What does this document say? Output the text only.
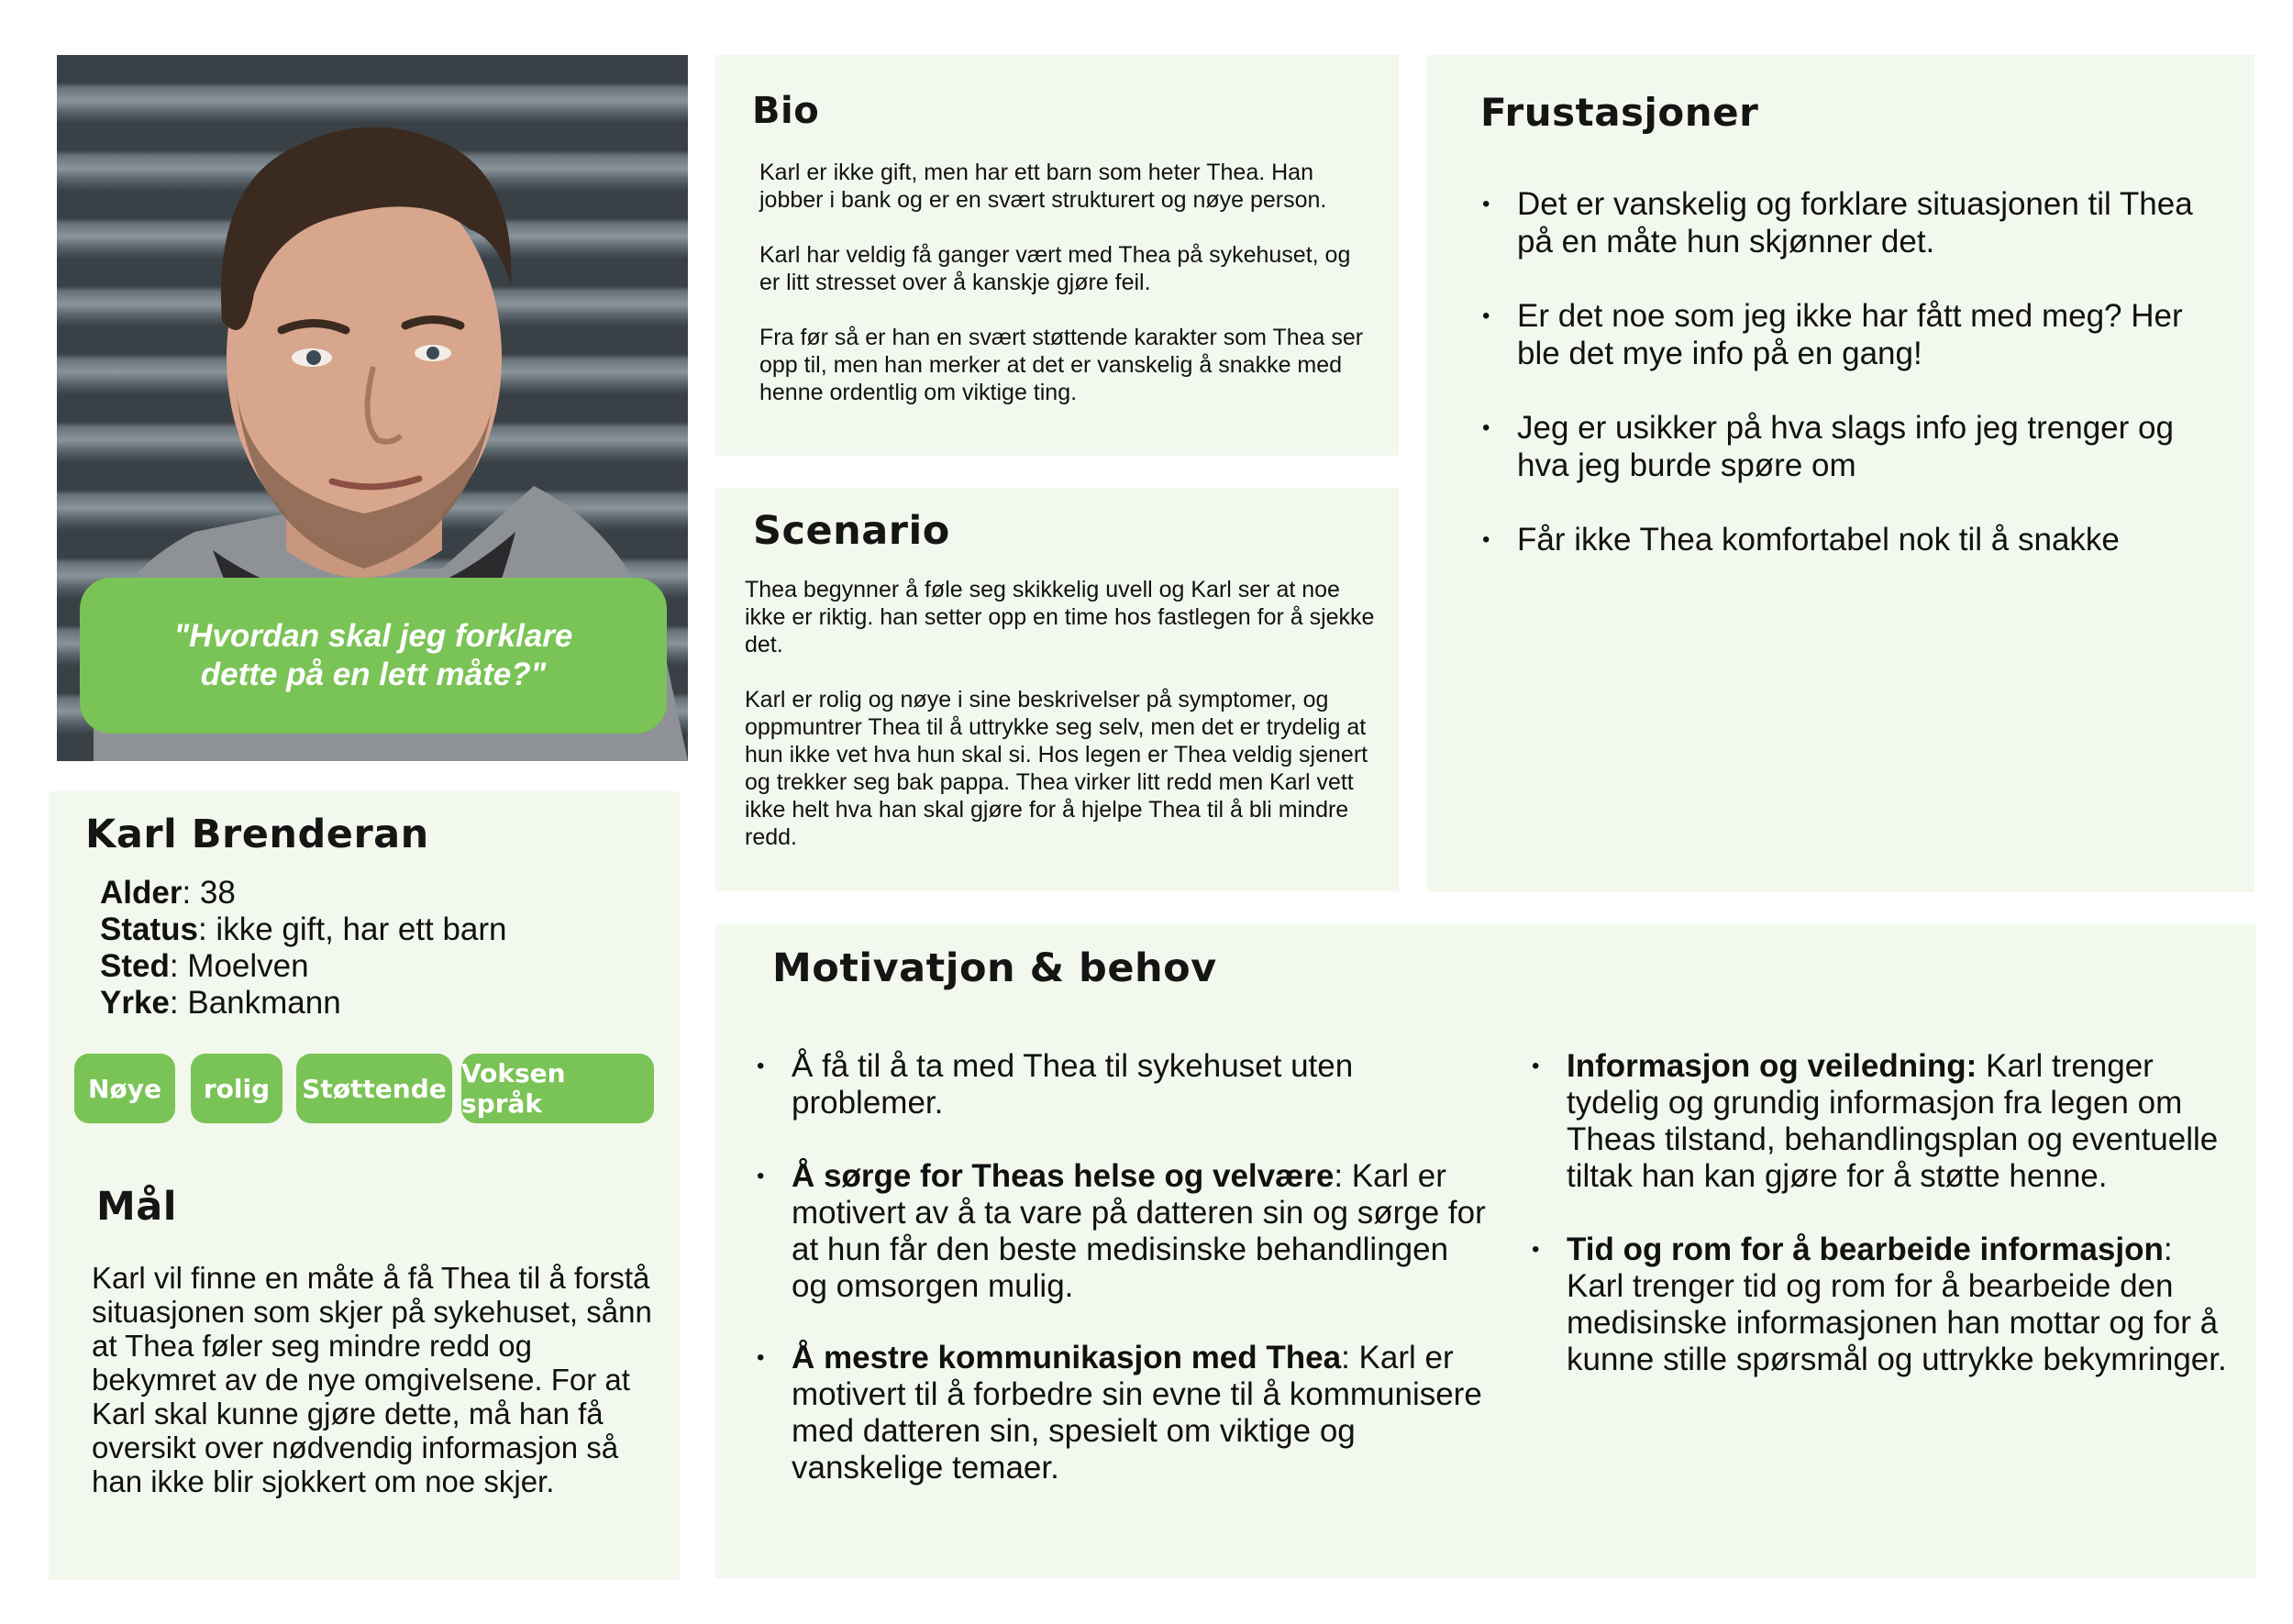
"Hvordan skal jeg forklare dette på en lett måte?"
Karl Brenderan
Alder: 38
Status: ikke gift, har ett barn
Sted: Moelven
Yrke: Bankmann
Nøye	rolig	Støttende Voksen språk
Mål

Karl vil finne en måte å få Thea til å forstå situasjonen som skjer på sykehuset, sånn at Thea føler seg mindre redd og bekymret av de nye omgivelsene. For at Karl skal kunne gjøre dette, må han få oversikt over nødvendig informasjon så han ikke blir sjokkert om noe skjer.

Bio

Karl er ikke gift, men har ett barn som heter Thea. Han jobber i bank og er en svært strukturert og nøye person.

Karl har veldig få ganger vært med Thea på sykehuset, og er litt stresset over å kanskje gjøre feil.

Fra før så er han en svært støttende karakter som Thea ser opp til, men han merker at det er vanskelig å snakke med henne ordentlig om viktige ting.

Scenario

Thea begynner å føle seg skikkelig uvell og Karl ser at noe ikke er riktig. han setter opp en time hos fastlegen for å sjekke det.

Karl er rolig og nøye i sine beskrivelser på symptomer, og oppmuntrer Thea til å uttrykke seg selv, men det er trydelig at hun ikke vet hva hun skal si. Hos legen er Thea veldig sjenert og trekker seg bak pappa. Thea virker litt redd men Karl vett ikke helt hva han skal gjøre for å hjelpe Thea til å bli mindre redd.

Frustasjoner
• Det er vanskelig og forklare situasjonen til Thea på en måte hun skjønner det.
• Er det noe som jeg ikke har fått med meg? Her ble det mye info på en gang!
• Jeg er usikker på hva slags info jeg trenger og hva jeg burde spøre om
• Får ikke Thea komfortabel nok til å snakke
Motivatjon & behov
• Å få til å ta med Thea til sykehuset uten problemer.
• Å sørge for Theas helse og velvære: Karl er motivert av å ta vare på datteren sin og sørge for at hun får den beste medisinske behandlingen og omsorgen mulig.
• Å mestre kommunikasjon med Thea: Karl er motivert til å forbedre sin evne til å kommunisere med datteren sin, spesielt om viktige og vanskelige temaer.
• Informasjon og veiledning: Karl trenger tydelig og grundig informasjon fra legen om Theas tilstand, behandlingsplan og eventuelle tiltak han kan gjøre for å støtte henne.
• Tid og rom for å bearbeide informasjon: Karl trenger tid og rom for å bearbeide den medisinske informasjonen han mottar og for å kunne stille spørsmål og uttrykke bekymringer.
